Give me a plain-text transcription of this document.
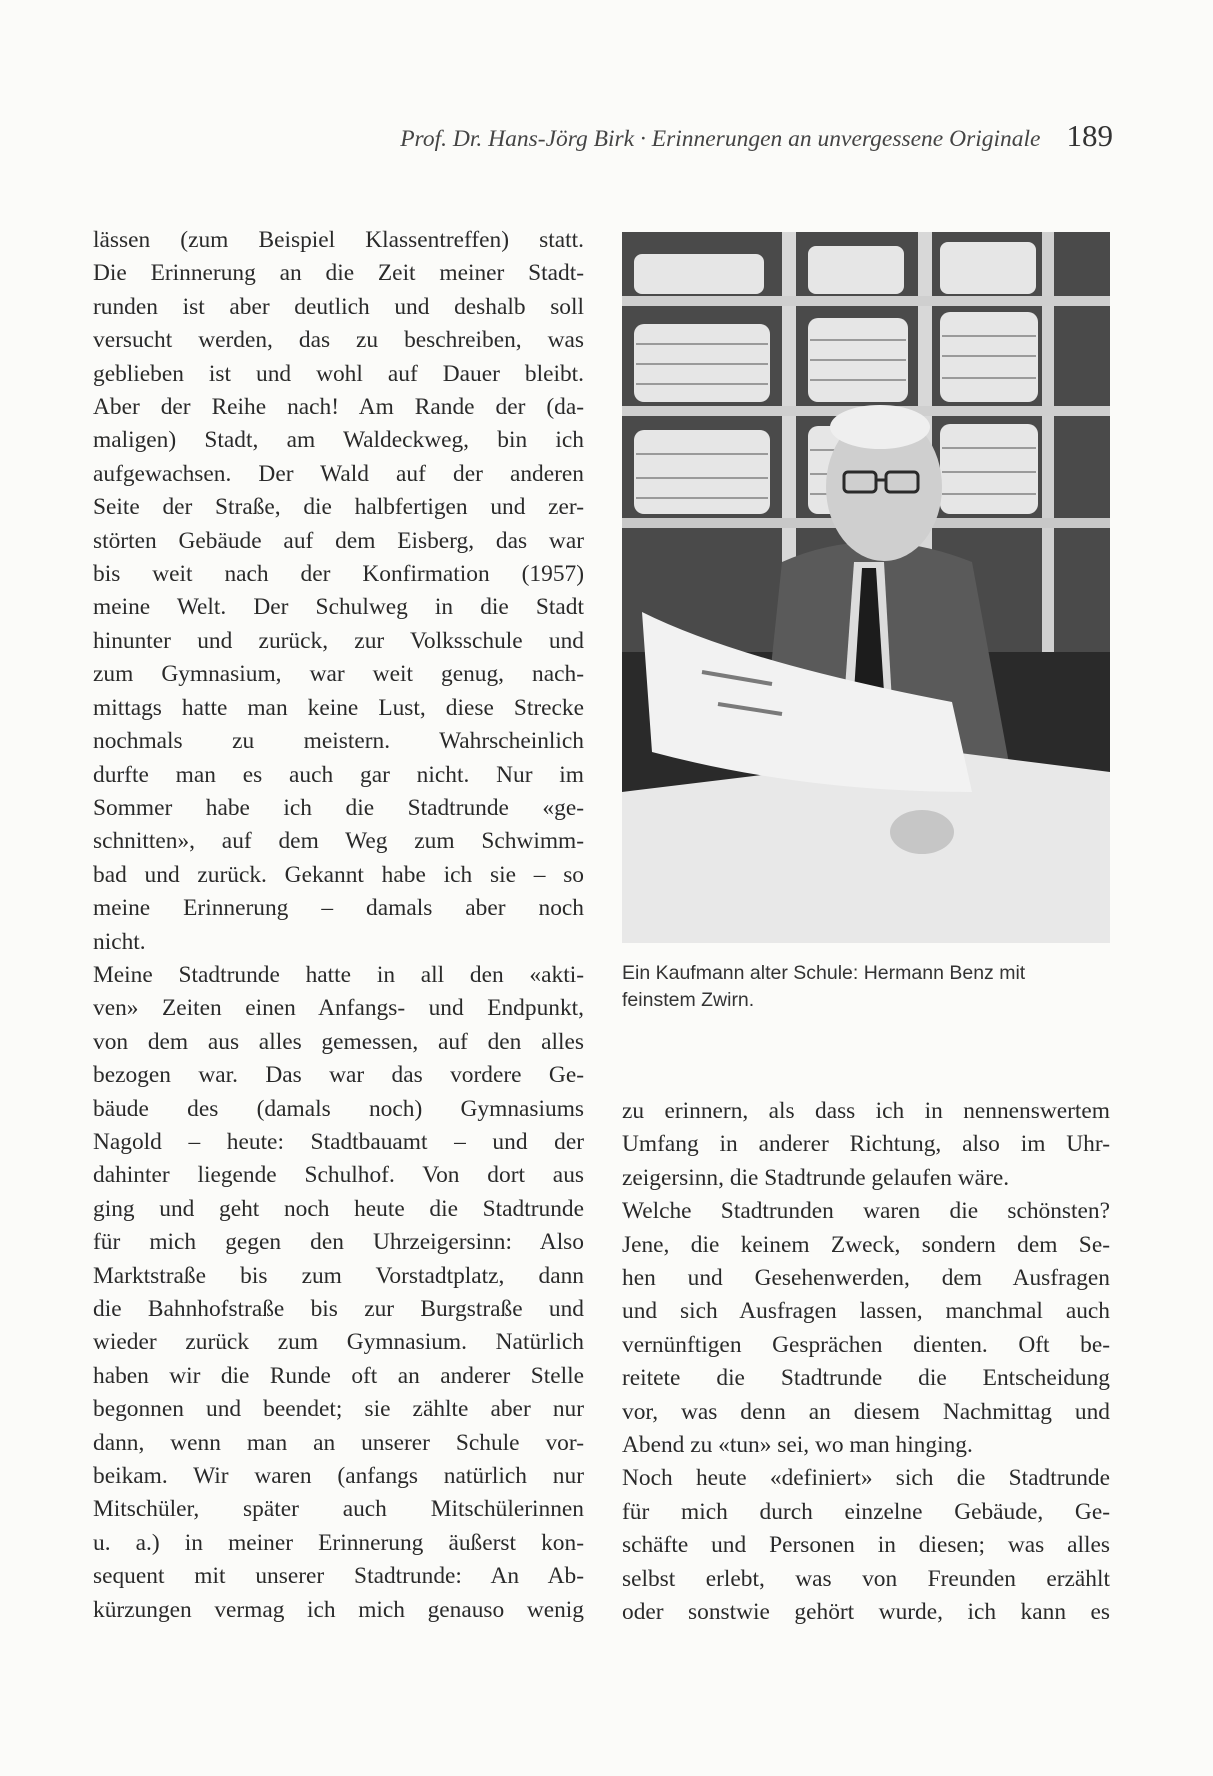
Prof. Dr. Hans-Jörg Birk · Erinnerungen an unvergessene Originale 189
lässen (zum Beispiel Klassentreffen) statt.
Die Erinnerung an die Zeit meiner Stadt-
runden ist aber deutlich und deshalb soll
versucht werden, das zu beschreiben, was
geblieben ist und wohl auf Dauer bleibt.
Aber der Reihe nach! Am Rande der (da-
maligen) Stadt, am Waldeckweg, bin ich
aufgewachsen. Der Wald auf der anderen
Seite der Straße, die halbfertigen und zer-
störten Gebäude auf dem Eisberg, das war
bis weit nach der Konfirmation (1957)
meine Welt. Der Schulweg in die Stadt
hinunter und zurück, zur Volksschule und
zum Gymnasium, war weit genug, nach-
mittags hatte man keine Lust, diese Strecke
nochmals zu meistern. Wahrscheinlich
durfte man es auch gar nicht. Nur im
Sommer habe ich die Stadtrunde «ge-
schnitten», auf dem Weg zum Schwimm-
bad und zurück. Gekannt habe ich sie – so
meine Erinnerung – damals aber noch
nicht.
Meine Stadtrunde hatte in all den «akti-
ven» Zeiten einen Anfangs- und Endpunkt,
von dem aus alles gemessen, auf den alles
bezogen war. Das war das vordere Ge-
bäude des (damals noch) Gymnasiums
Nagold – heute: Stadtbauamt – und der
dahinter liegende Schulhof. Von dort aus
ging und geht noch heute die Stadtrunde
für mich gegen den Uhrzeigersinn: Also
Marktstraße bis zum Vorstadtplatz, dann
die Bahnhofstraße bis zur Burgstraße und
wieder zurück zum Gymnasium. Natürlich
haben wir die Runde oft an anderer Stelle
begonnen und beendet; sie zählte aber nur
dann, wenn man an unserer Schule vor-
beikam. Wir waren (anfangs natürlich nur
Mitschüler, später auch Mitschülerinnen
u. a.) in meiner Erinnerung äußerst kon-
sequent mit unserer Stadtrunde: An Ab-
kürzungen vermag ich mich genauso wenig
Ein Kaufmann alter Schule: Hermann Benz mit
feinstem Zwirn.
zu erinnern, als dass ich in nennenswertem
Umfang in anderer Richtung, also im Uhr-
zeigersinn, die Stadtrunde gelaufen wäre.
Welche Stadtrunden waren die schönsten?
Jene, die keinem Zweck, sondern dem Se-
hen und Gesehenwerden, dem Ausfragen
und sich Ausfragen lassen, manchmal auch
vernünftigen Gesprächen dienten. Oft be-
reitete die Stadtrunde die Entscheidung
vor, was denn an diesem Nachmittag und
Abend zu «tun» sei, wo man hinging.
Noch heute «definiert» sich die Stadtrunde
für mich durch einzelne Gebäude, Ge-
schäfte und Personen in diesen; was alles
selbst erlebt, was von Freunden erzählt
oder sonstwie gehört wurde, ich kann es
